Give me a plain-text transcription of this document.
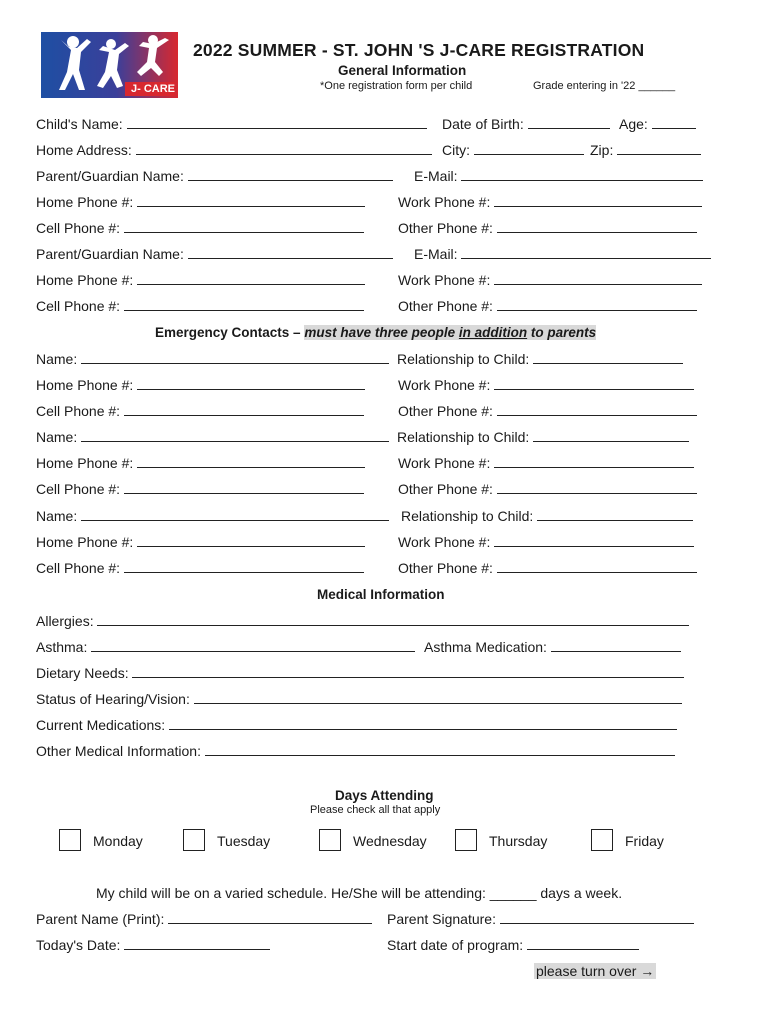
J- CARE
2022 SUMMER - ST. JOHN 'S J-CARE REGISTRATION
General Information
*One registration form per child	Grade entering in '22 ______
Child's Name:	Date of Birth:	Age:
Home Address:	City:	Zip:
Parent/Guardian Name:	E-Mail:
Home Phone #:	Work Phone #:
Cell Phone #:	Other Phone #:
Parent/Guardian Name:	E-Mail:
Home Phone #:	Work Phone #:
Cell Phone #:	Other Phone #:
Emergency Contacts – must have three people in addition to parents
Name:	Relationship to Child:
Home Phone #:	Work Phone #:
Cell Phone #:	Other Phone #:
Name:	Relationship to Child:
Home Phone #:	Work Phone #:
Cell Phone #:	Other Phone #:
Name:	Relationship to Child:
Home Phone #:	Work Phone #:
Cell Phone #:	Other Phone #:
Medical Information
Allergies:
Asthma:	Asthma Medication:
Dietary Needs:
Status of Hearing/Vision:
Current Medications:
Other Medical Information:
Days Attending
Please check all that apply
Monday	Tuesday	Wednesday	Thursday	Friday
My child will be on a varied schedule. He/She will be attending: ______ days a week.
Parent Name (Print):	Parent Signature:
Today's Date:	Start date of program:
please turn over →
